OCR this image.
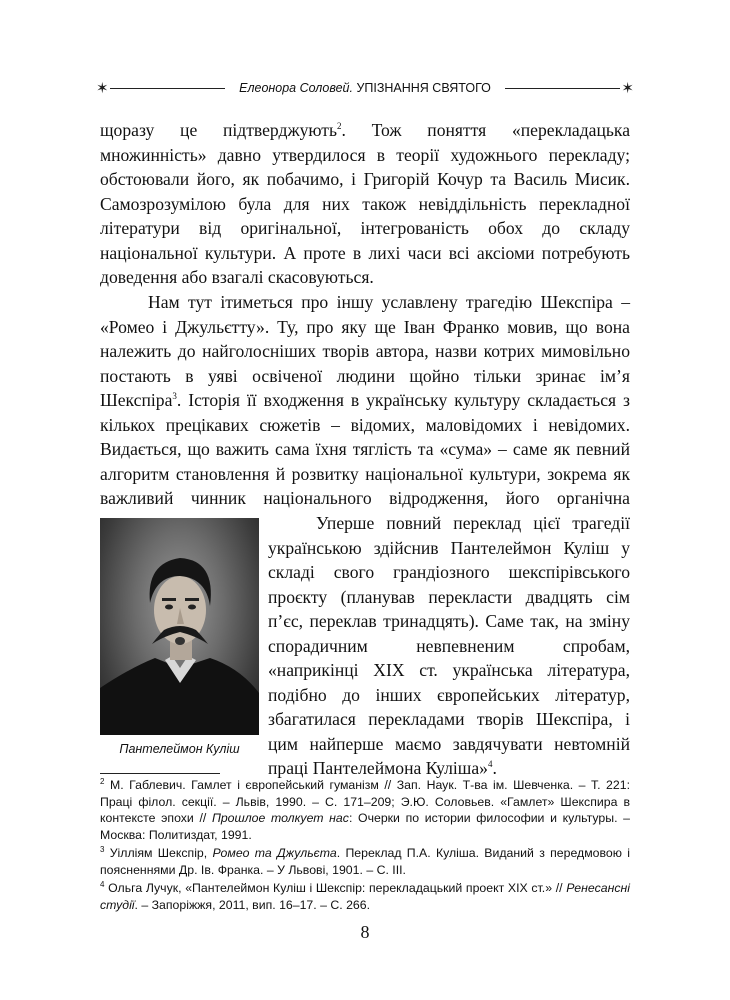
✶	Елеонора Соловей. УПІЗНАННЯ СВЯТОГО	✶

щоразу це підтверджують$^2$. Тож поняття «перекладацька множинність» давно утвердилося в теорії художнього перекладу; обстоювали його, як побачимо, і Григорій Кочур та Василь Мисик. Самозрозумілою була для них також невіддільність перекладної літератури від оригінальної, інтегрованість обох до складу національної культури. А проте в лихі часи всі аксіоми потребують доведення або взагалі скасовуються.

Нам тут ітиметься про іншу уславлену трагедію Шекспіра – «Ромео і Джульєтту». Ту, про яку ще Іван Франко мовив, що вона належить до найголосніших творів автора, назви котрих мимовільно постають в уяві освіченої людини щойно тільки зринає ім’я Шекспіра$^3$. Історія її входження в українську культуру складається з кількох прецікавих сюжетів – відомих, маловідомих і невідомих. Видається, що важить сама їхня тяглість та «сума» – саме як певний алгоритм становлення й розвитку національної культури, зокрема як важливий чинник національного відродження, його органічна

Пантелеймон Куліш

Уперше повний переклад цієї трагедії українською здійснив Пантелеймон Куліш у складі свого грандіозного шекспірівського проєкту (планував перекласти двадцять сім п’єс, переклав тринадцять). Саме так, на зміну спорадичним невпевненим спробам, «наприкінці XIX ст. українська література, подібно до інших європейських літератур, збагатилася перекладами творів Шекспіра, і цим найперше маємо завдячувати невтомній праці Пантелеймона Куліша»$^4$.

$^2$ М. Габлевич. Гамлет і європейський гуманізм // Зап. Наук. Т-ва ім. Шевченка. – Т. 221: Праці філол. секції. – Львів, 1990. – С. 171–209; Э.Ю. Соловьев. «Гамлет» Шекспира в контексте эпохи // Прошлое толкует нас: Очерки по истории философии и культуры. – Москва: Политиздат, 1991.

$^3$ Уілліям Шекспір, Ромео та Джульєта. Переклад П.А. Куліша. Виданий з передмовою і поясненнями Др. Ів. Франка. – У Львові, 1901. – С. III.

$^4$ Ольга Лучук, «Пантелеймон Куліш і Шекспір: перекладацький проект XIX ст.» // Ренесансні студії. – Запоріжжя, 2011, вип. 16–17. – С. 266.

8
